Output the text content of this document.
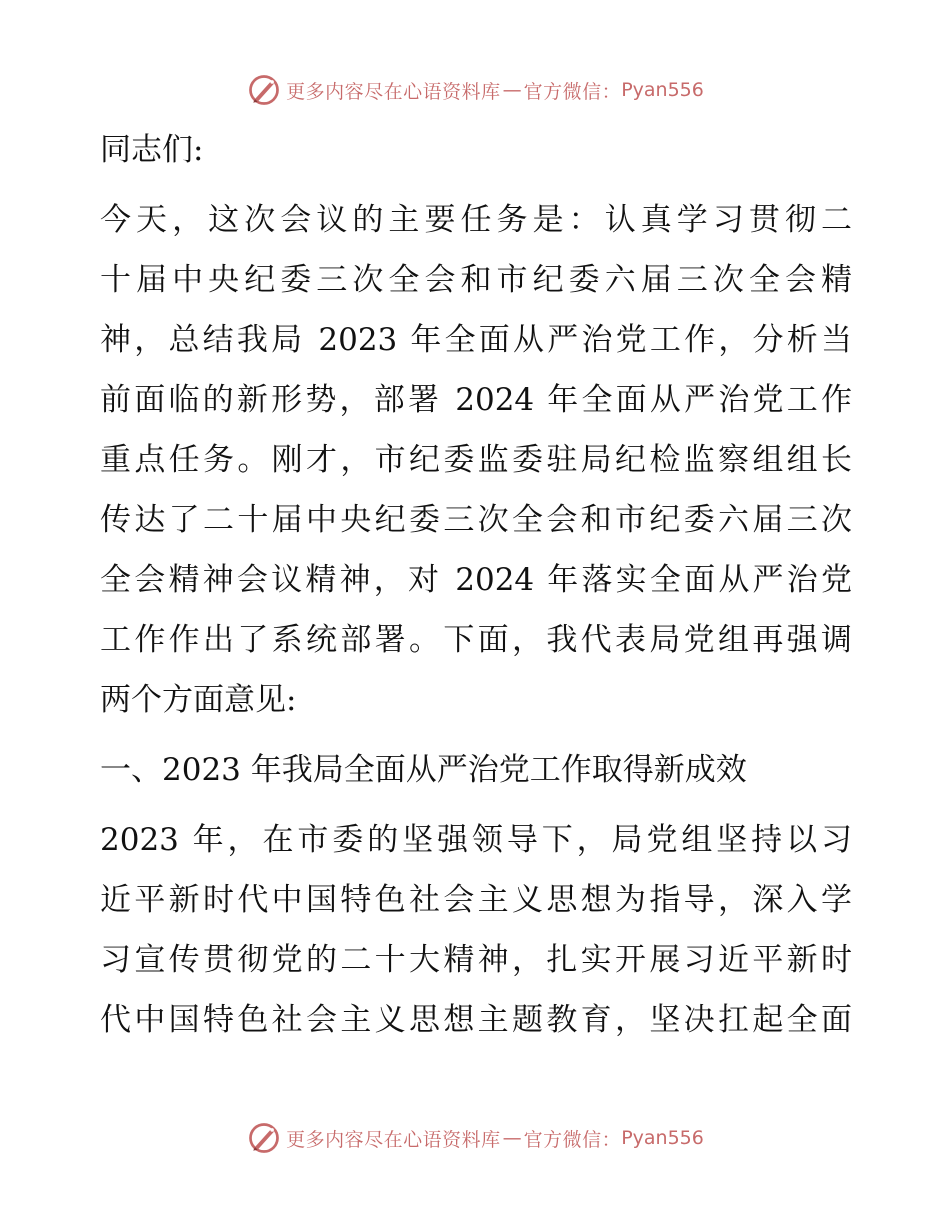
更多内容尽在心语资料库 — 官方微信： Pyan556
同志们:
今天，这次会议的主要任务是：认真学习贯彻二
十届中央纪委三次全会和市纪委六届三次全会精
神，总结我局 2023 年全面从严治党工作，分析当
前面临的新形势，部署 2024 年全面从严治党工作
重点任务。刚才，市纪委监委驻局纪检监察组组长
传达了二十届中央纪委三次全会和市纪委六届三次
全会精神会议精神，对 2024 年落实全面从严治党
工作作出了系统部署。下面，我代表局党组再强调
两个方面意见:
一、2023 年我局全面从严治党工作取得新成效
2023 年，在市委的坚强领导下，局党组坚持以习
近平新时代中国特色社会主义思想为指导，深入学
习宣传贯彻党的二十大精神，扎实开展习近平新时
代中国特色社会主义思想主题教育，坚决扛起全面
更多内容尽在心语资料库 — 官方微信： Pyan556
